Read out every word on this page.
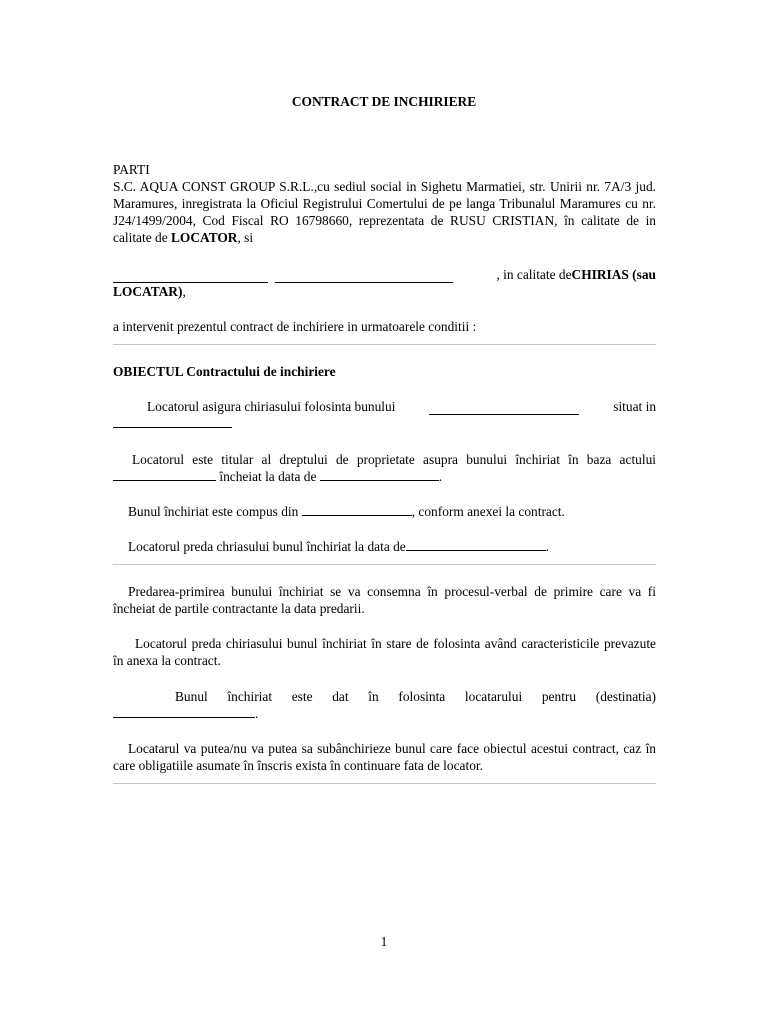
CONTRACT DE INCHIRIERE

PARTI

S.C. AQUA CONST GROUP S.R.L.,cu sediul social in Sighetu Marmatiei, str. Unirii nr. 7A/3 jud. Maramures, inregistrata la Oficiul Registrului Comertului de pe langa Tribunalul Maramures cu nr. J24/1499/2004, Cod Fiscal RO 16798660, reprezentata de RUSU CRISTIAN, în calitate de in calitate de LOCATOR, si

, in calitate de CHIRIAS (sau

LOCATAR),

a intervenit prezentul contract de inchiriere in urmatoarele conditii :

OBIECTUL Contractului de inchiriere

Locatorul asigura chiriasului folosinta bunului	situat in

Locatorul este titular al dreptului de proprietate asupra bunului închiriat în baza actului

încheiat la data de	.
Bunul închiriat este compus din	, conform anexei la contract.
Locatorul preda chriasului bunul închiriat la data de	.

Predarea-primirea bunului închiriat se va consemna în procesul-verbal de primire care va fi încheiat de partile contractante la data predarii.

Locatorul preda chiriasului bunul închiriat în stare de folosinta având caracteristicile prevazute în anexa la contract.

Bunul închiriat este dat în folosinta locatarului pentru (destinatia)

.

Locatarul va putea/nu va putea sa subânchirieze bunul care face obiectul acestui contract, caz în care obligatiile asumate în înscris exista în continuare fata de locator.

1
